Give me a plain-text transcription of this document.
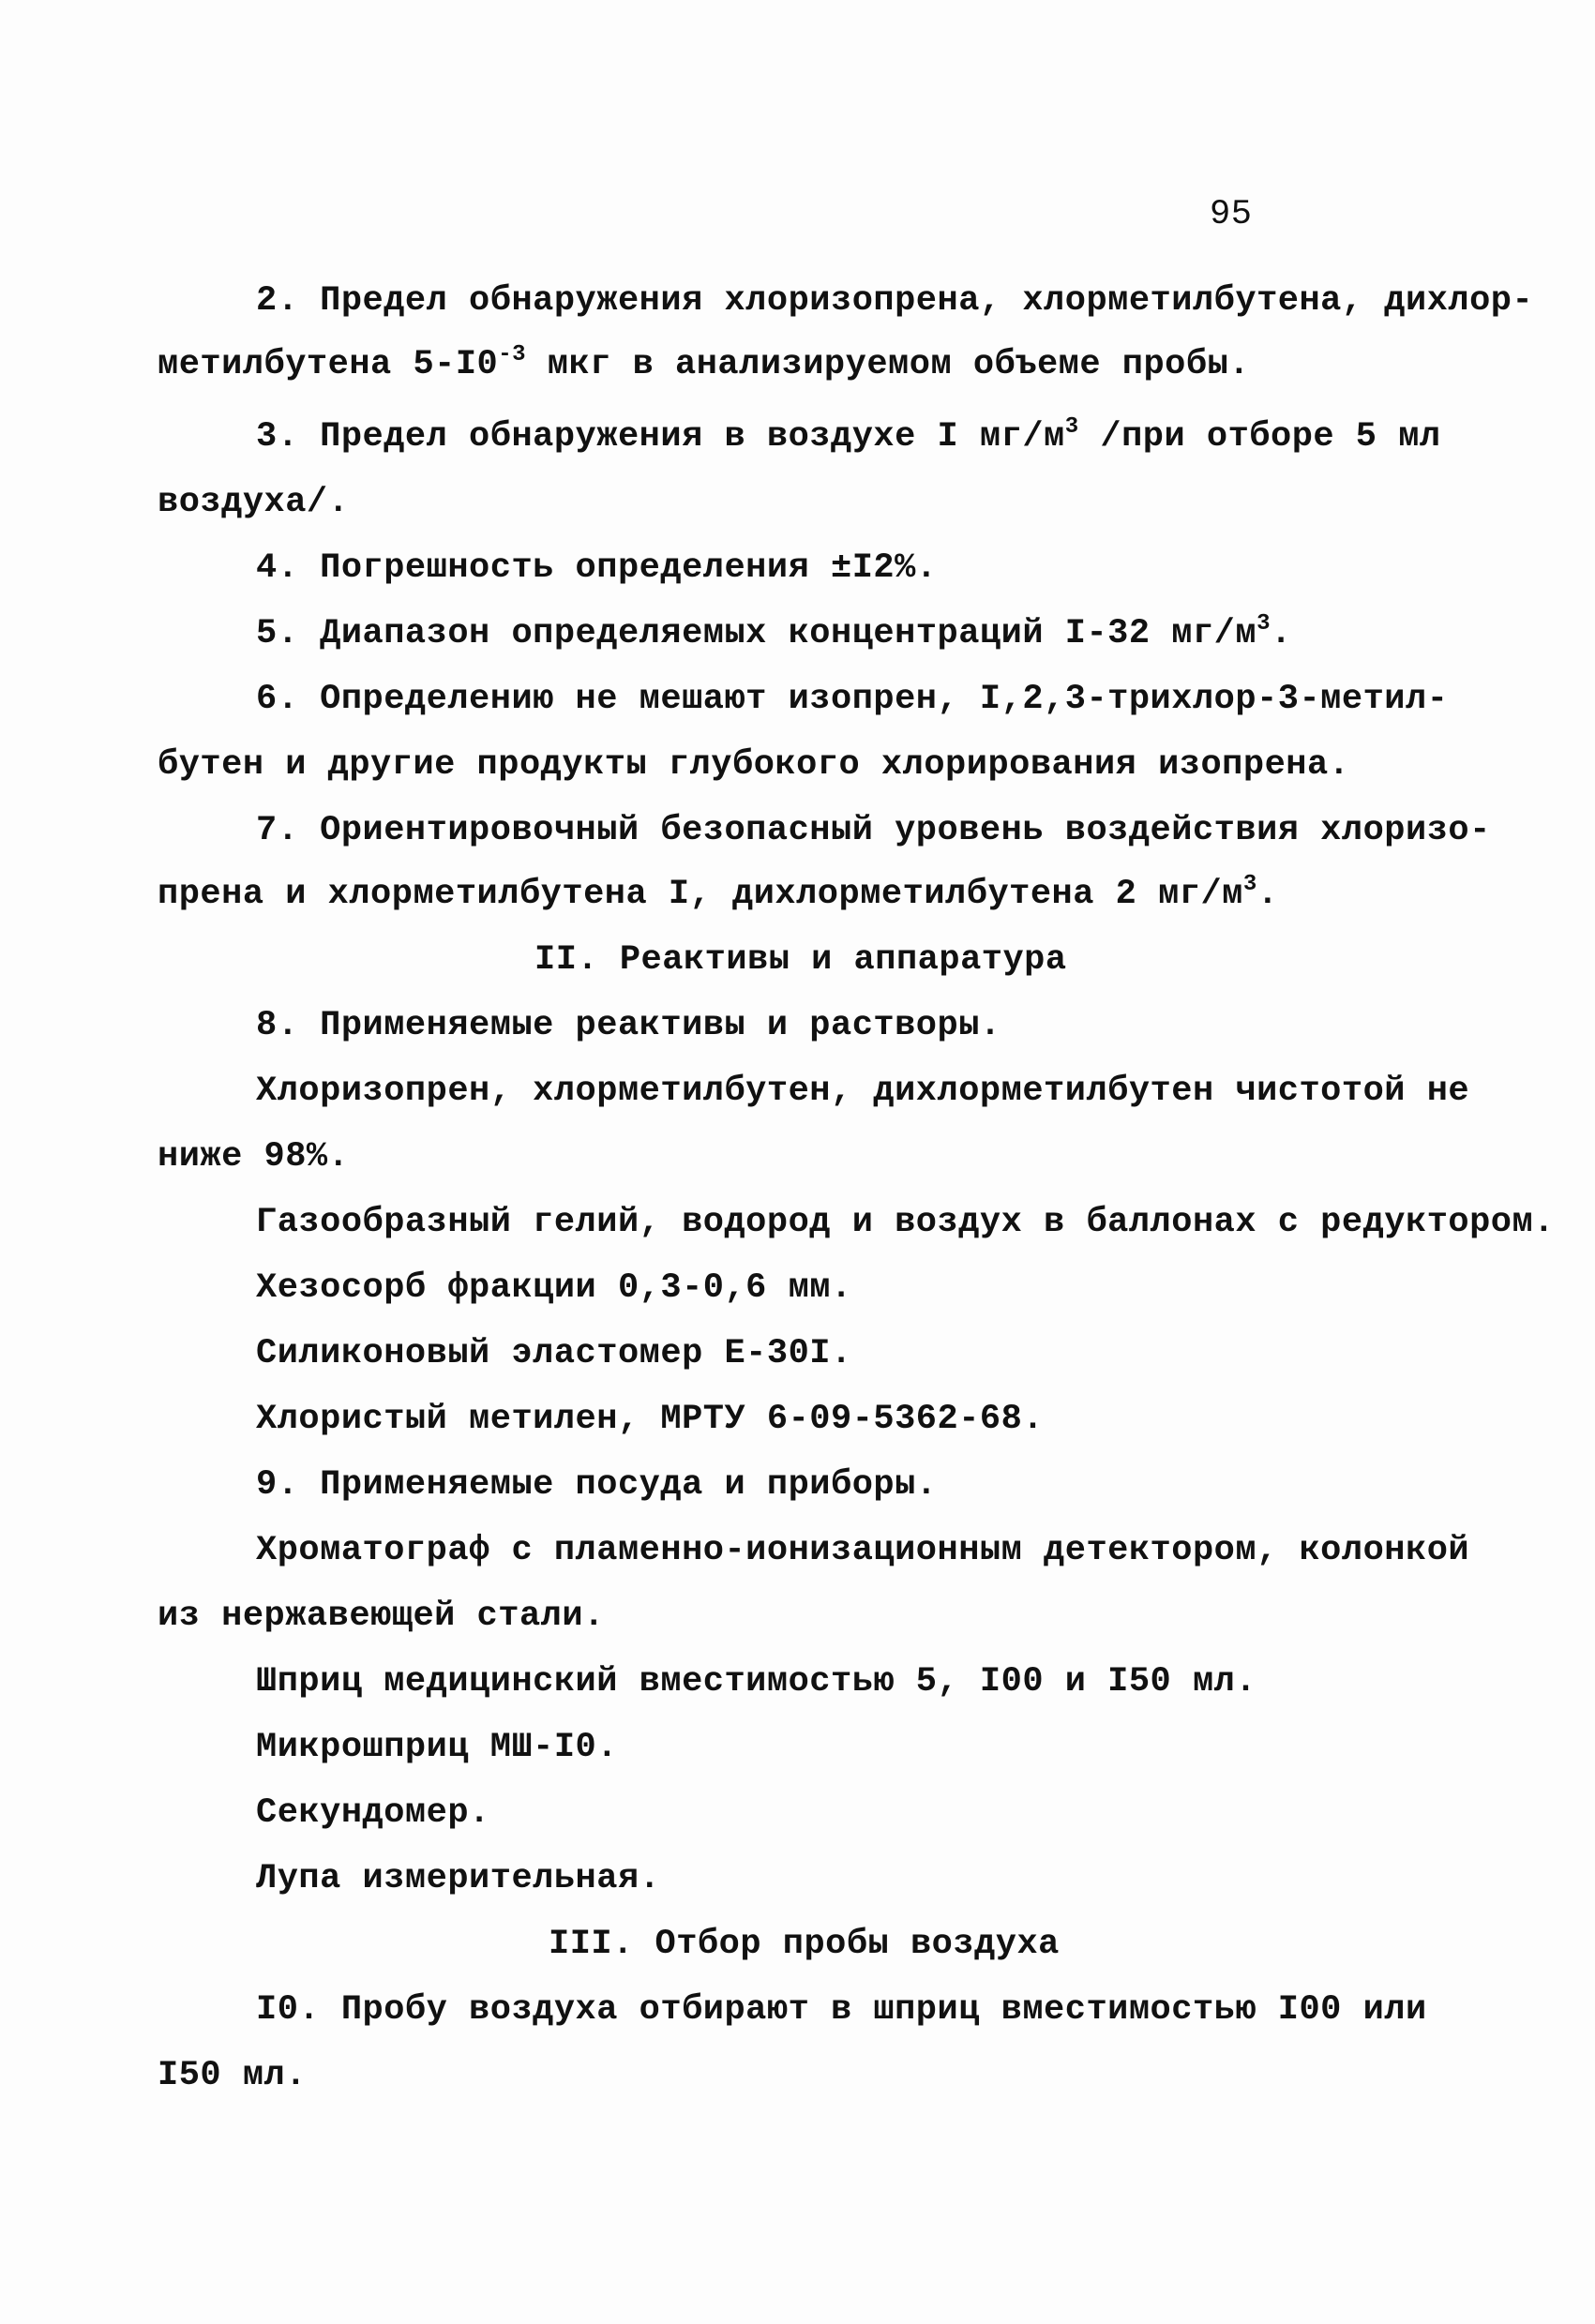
95
2. Предел обнаружения хлоризопрена, хлорметилбутена, дихлор-
метилбутена $5-I0^{-3}$ мкг в анализируемом объеме пробы.
3. Предел обнаружения в воздухе I $мг/м^3$ /при отборе 5 мл
воздуха/.
4. Погрешность определения ±I2%.
5. Диапазон определяемых концентраций I-32 $мг/м^3$.
6. Определению не мешают изопрен, I,2,3-трихлор-3-метил-
бутен и другие продукты глубокого хлорирования изопрена.
7. Ориентировочный безопасный уровень воздействия хлоризо-
прена и хлорметилбутена I, дихлорметилбутена 2 $мг/м^3$.
II. Реактивы и аппаратура
8. Применяемые реактивы и растворы.
Хлоризопрен, хлорметилбутен, дихлорметилбутен чистотой не
ниже 98%.
Газообразный гелий, водород и воздух в баллонах с редуктором.
Хезосорб фракции 0,3-0,6 мм.
Силиконовый эластомер Е-30I.
Хлористый метилен, МРТУ 6-09-5362-68.
9. Применяемые посуда и приборы.
Хроматограф с пламенно-ионизационным детектором, колонкой
из нержавеющей стали.
Шприц медицинский вместимостью 5, I00 и I50 мл.
Микрошприц МШ-I0.
Секундомер.
Лупа измерительная.
III. Отбор пробы воздуха
I0. Пробу воздуха отбирают в шприц вместимостью I00 или
I50 мл.
